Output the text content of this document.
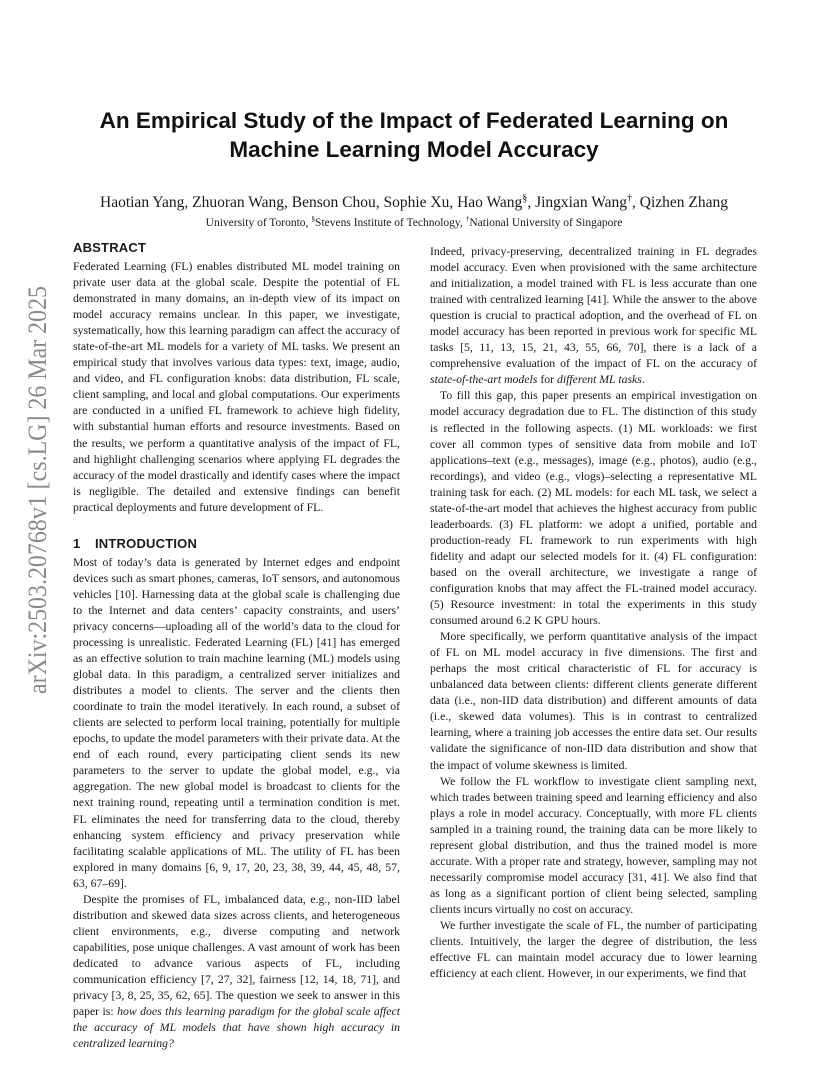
arXiv:2503.20768v1 [cs.LG] 26 Mar 2025
An Empirical Study of the Impact of Federated Learning on Machine Learning Model Accuracy
Haotian Yang, Zhuoran Wang, Benson Chou, Sophie Xu, Hao Wang§, Jingxian Wang†, Qizhen Zhang
University of Toronto, §Stevens Institute of Technology, †National University of Singapore
ABSTRACT

Federated Learning (FL) enables distributed ML model training on private user data at the global scale. Despite the potential of FL demonstrated in many domains, an in-depth view of its impact on model accuracy remains unclear. In this paper, we investigate, systematically, how this learning paradigm can affect the accuracy of state-of-the-art ML models for a variety of ML tasks. We present an empirical study that involves various data types: text, image, audio, and video, and FL configuration knobs: data distribution, FL scale, client sampling, and local and global computations. Our experiments are conducted in a unified FL framework to achieve high fidelity, with substantial human efforts and resource investments. Based on the results, we perform a quantitative analysis of the impact of FL, and highlight challenging scenarios where applying FL degrades the accuracy of the model drastically and identify cases where the impact is negligible. The detailed and extensive findings can benefit practical deployments and future development of FL.

1 INTRODUCTION

Most of today’s data is generated by Internet edges and endpoint devices such as smart phones, cameras, IoT sensors, and autonomous vehicles [10]. Harnessing data at the global scale is challenging due to the Internet and data centers’ capacity constraints, and users’ privacy concerns—uploading all of the world’s data to the cloud for processing is unrealistic. Federated Learning (FL) [41] has emerged as an effective solution to train machine learning (ML) models using global data. In this paradigm, a centralized server initializes and distributes a model to clients. The server and the clients then coordinate to train the model iteratively. In each round, a subset of clients are selected to perform local training, potentially for multiple epochs, to update the model parameters with their private data. At the end of each round, every participating client sends its new parameters to the server to update the global model, e.g., via aggregation. The new global model is broadcast to clients for the next training round, repeating until a termination condition is met. FL eliminates the need for transferring data to the cloud, thereby enhancing system efficiency and privacy preservation while facilitating scalable applications of ML. The utility of FL has been explored in many domains [6, 9, 17, 20, 23, 38, 39, 44, 45, 48, 57, 63, 67–69].

Despite the promises of FL, imbalanced data, e.g., non-IID label distribution and skewed data sizes across clients, and heterogeneous client environments, e.g., diverse computing and network capabilities, pose unique challenges. A vast amount of work has been dedicated to advance various aspects of FL, including communication efficiency [7, 27, 32], fairness [12, 14, 18, 71], and privacy [3, 8, 25, 35, 62, 65]. The question we seek to answer in this paper is: how does this learning paradigm for the global scale affect the accuracy of ML models that have shown high accuracy in centralized learning?

Indeed, privacy-preserving, decentralized training in FL degrades model accuracy. Even when provisioned with the same architecture and initialization, a model trained with FL is less accurate than one trained with centralized learning [41]. While the answer to the above question is crucial to practical adoption, and the overhead of FL on model accuracy has been reported in previous work for specific ML tasks [5, 11, 13, 15, 21, 43, 55, 66, 70], there is a lack of a comprehensive evaluation of the impact of FL on the accuracy of state-of-the-art models for different ML tasks.

To fill this gap, this paper presents an empirical investigation on model accuracy degradation due to FL. The distinction of this study is reflected in the following aspects. (1) ML workloads: we first cover all common types of sensitive data from mobile and IoT applications–text (e.g., messages), image (e.g., photos), audio (e.g., recordings), and video (e.g., vlogs)–selecting a representative ML training task for each. (2) ML models: for each ML task, we select a state-of-the-art model that achieves the highest accuracy from public leaderboards. (3) FL platform: we adopt a unified, portable and production-ready FL framework to run experiments with high fidelity and adapt our selected models for it. (4) FL configuration: based on the overall architecture, we investigate a range of configuration knobs that may affect the FL-trained model accuracy. (5) Resource investment: in total the experiments in this study consumed around 6.2 K GPU hours.

More specifically, we perform quantitative analysis of the impact of FL on ML model accuracy in five dimensions. The first and perhaps the most critical characteristic of FL for accuracy is unbalanced data between clients: different clients generate different data (i.e., non-IID data distribution) and different amounts of data (i.e., skewed data volumes). This is in contrast to centralized learning, where a training job accesses the entire data set. Our results validate the significance of non-IID data distribution and show that the impact of volume skewness is limited.

We follow the FL workflow to investigate client sampling next, which trades between training speed and learning efficiency and also plays a role in model accuracy. Conceptually, with more FL clients sampled in a training round, the training data can be more likely to represent global distribution, and thus the trained model is more accurate. With a proper rate and strategy, however, sampling may not necessarily compromise model accuracy [31, 41]. We also find that as long as a significant portion of client being selected, sampling clients incurs virtually no cost on accuracy.

We further investigate the scale of FL, the number of participating clients. Intuitively, the larger the degree of distribution, the less effective FL can maintain model accuracy due to lower learning efficiency at each client. However, in our experiments, we find that
